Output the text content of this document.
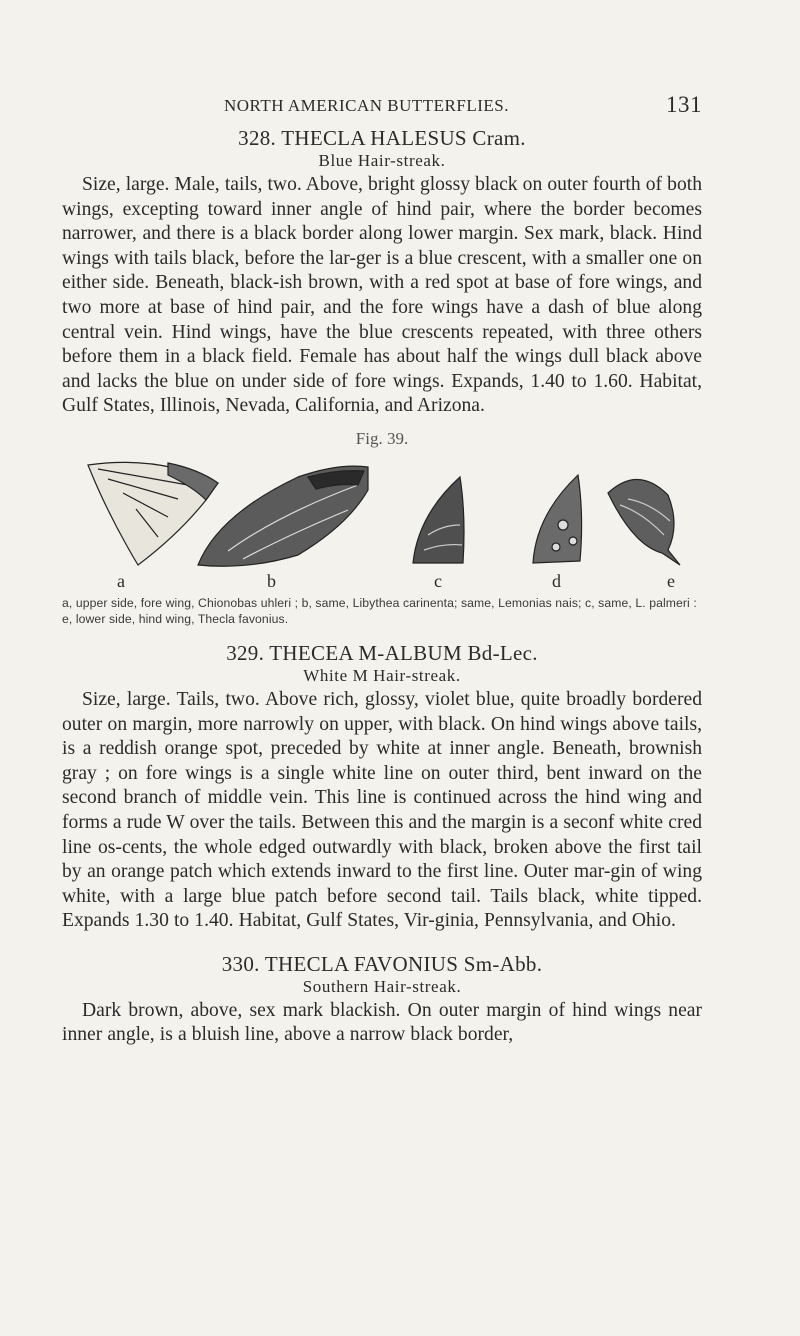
NORTH AMERICAN BUTTERFLIES.	131
328. THECLA HALESUS Cram.
Blue Hair-streak.

Size, large. Male, tails, two. Above, bright glossy black on outer fourth of both wings, excepting toward inner angle of hind pair, where the border becomes narrower, and there is a black border along lower margin. Sex mark, black. Hind wings with tails black, before the lar-ger is a blue crescent, with a smaller one on either side. Beneath, black-ish brown, with a red spot at base of fore wings, and two more at base of hind pair, and the fore wings have a dash of blue along central vein. Hind wings, have the blue crescents repeated, with three others before them in a black field. Female has about half the wings dull black above and lacks the blue on under side of fore wings. Expands, 1.40 to 1.60. Habitat, Gulf States, Illinois, Nevada, California, and Arizona.

Fig. 39.
a	b	c	d	e

a, upper side, fore wing, Chionobas uhleri ; b, same, Libythea carinenta; same, Lemonias nais; c, same, L. palmeri : e, lower side, hind wing, Thecla favonius.

329. THECEA M-ALBUM Bd-Lec.
White M Hair-streak.

Size, large. Tails, two. Above rich, glossy, violet blue, quite broadly bordered outer on margin, more narrowly on upper, with black. On hind wings above tails, is a reddish orange spot, preceded by white at inner angle. Beneath, brownish gray ; on fore wings is a single white line on outer third, bent inward on the second branch of middle vein. This line is continued across the hind wing and forms a rude W over the tails. Between this and the margin is a seconf white cred line os-cents, the whole edged outwardly with black, broken above the first tail by an orange patch which extends inward to the first line. Outer mar-gin of wing white, with a large blue patch before second tail. Tails black, white tipped. Expands 1.30 to 1.40. Habitat, Gulf States, Vir-ginia, Pennsylvania, and Ohio.

330. THECLA FAVONIUS Sm-Abb.
Southern Hair-streak.

Dark brown, above, sex mark blackish. On outer margin of hind wings near inner angle, is a bluish line, above a narrow black border,
